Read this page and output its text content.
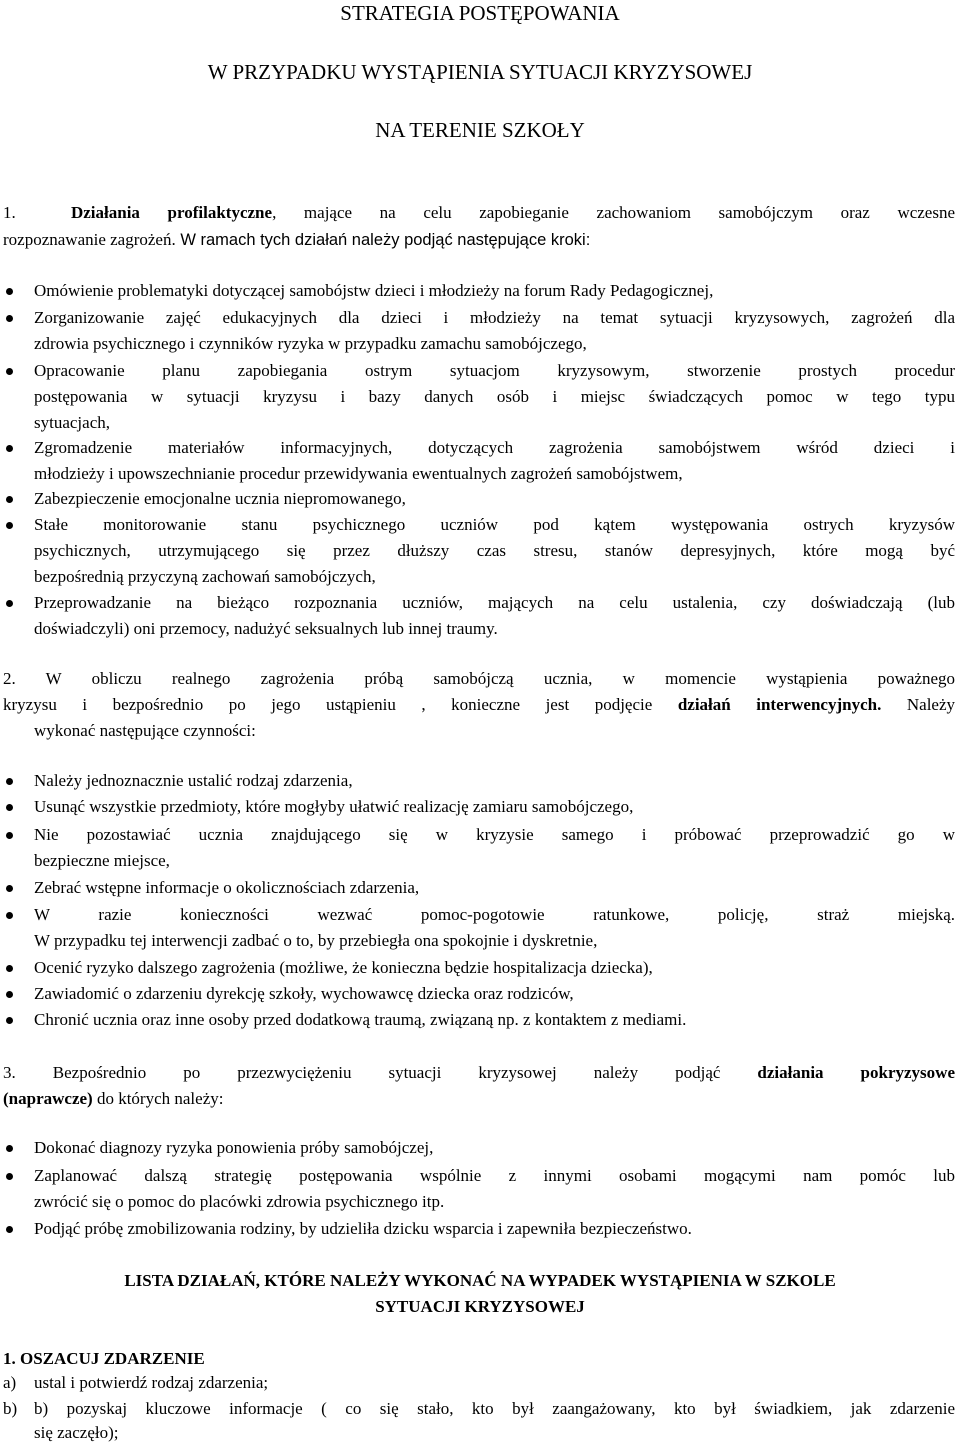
STRATEGIA POSTĘPOWANIA
W PRZYPADKU WYSTĄPIENIA SYTUACJI KRYZYSOWEJ
NA TERENIE SZKOŁY
1.	Działania profilaktyczne, mające na celu zapobieganie zachowaniom samobójczym oraz wczesne
rozpoznawanie zagrożeń. W ramach tych działań należy podjąć następujące kroki:
Omówienie problematyki dotyczącej samobójstw dzieci i młodzieży na forum Rady Pedagogicznej,
Zorganizowanie zajęć edukacyjnych dla dzieci i młodzieży na temat sytuacji kryzysowych, zagrożeń dla
zdrowia psychicznego i czynników ryzyka w przypadku zamachu samobójczego,
Opracowanie planu zapobiegania ostrym sytuacjom kryzysowym, stworzenie prostych procedur
postępowania w sytuacji kryzysu i bazy danych osób i miejsc świadczących pomoc w tego typu
sytuacjach,
Zgromadzenie materiałów informacyjnych, dotyczących zagrożenia samobójstwem wśród dzieci i
młodzieży i upowszechnianie procedur przewidywania ewentualnych zagrożeń samobójstwem,
Zabezpieczenie emocjonalne ucznia niepromowanego,
Stałe monitorowanie stanu psychicznego uczniów pod kątem występowania ostrych kryzysów
psychicznych, utrzymującego się przez dłuższy czas stresu, stanów depresyjnych, które mogą być
bezpośrednią przyczyną zachowań samobójczych,
Przeprowadzanie na bieżąco rozpoznania uczniów, mających na celu ustalenia, czy doświadczają (lub
doświadczyli) oni przemocy, nadużyć seksualnych lub innej traumy.
2. W obliczu realnego zagrożenia próbą samobójczą ucznia, w momencie wystąpienia poważnego
kryzysu i bezpośrednio po jego ustąpieniu , konieczne jest podjęcie działań interwencyjnych. Należy
wykonać następujące czynności:
Należy jednoznacznie ustalić rodzaj zdarzenia,
Usunąć wszystkie przedmioty, które mogłyby ułatwić realizację zamiaru samobójczego,
Nie pozostawiać ucznia znajdującego się w kryzysie samego i próbować przeprowadzić go w
bezpieczne miejsce,
Zebrać wstępne informacje o okolicznościach zdarzenia,
W razie konieczności wezwać pomoc-pogotowie ratunkowe, policję, straż miejską.
W przypadku tej interwencji zadbać o to, by przebiegła ona spokojnie i dyskretnie,
Ocenić ryzyko dalszego zagrożenia (możliwe, że konieczna będzie hospitalizacja dziecka),
Zawiadomić o zdarzeniu dyrekcję szkoły, wychowawcę dziecka oraz rodziców,
Chronić ucznia oraz inne osoby przed dodatkową traumą, związaną np. z kontaktem z mediami.
3. Bezpośrednio po przezwyciężeniu sytuacji kryzysowej należy podjąć działania pokryzysowe
(naprawcze) do których należy:
Dokonać diagnozy ryzyka ponowienia próby samobójczej,
Zaplanować dalszą strategię postępowania wspólnie z innymi osobami mogącymi nam pomóc lub
zwrócić się o pomoc do placówki zdrowia psychicznego itp.
Podjąć próbę zmobilizowania rodziny, by udzieliła dzicku wsparcia i zapewniła bezpieczeństwo.
LISTA DZIAŁAŃ, KTÓRE NALEŻY WYKONAĆ NA WYPADEK WYSTĄPIENIA W SZKOLE
SYTUACJI KRYZYSOWEJ
1. OSZACUJ ZDARZENIE
a)	ustal i potwierdź rodzaj zdarzenia;
b) b) pozyskaj kluczowe informacje ( co się stało, kto był zaangażowany, kto był świadkiem, jak zdarzenie
się zaczęło);
